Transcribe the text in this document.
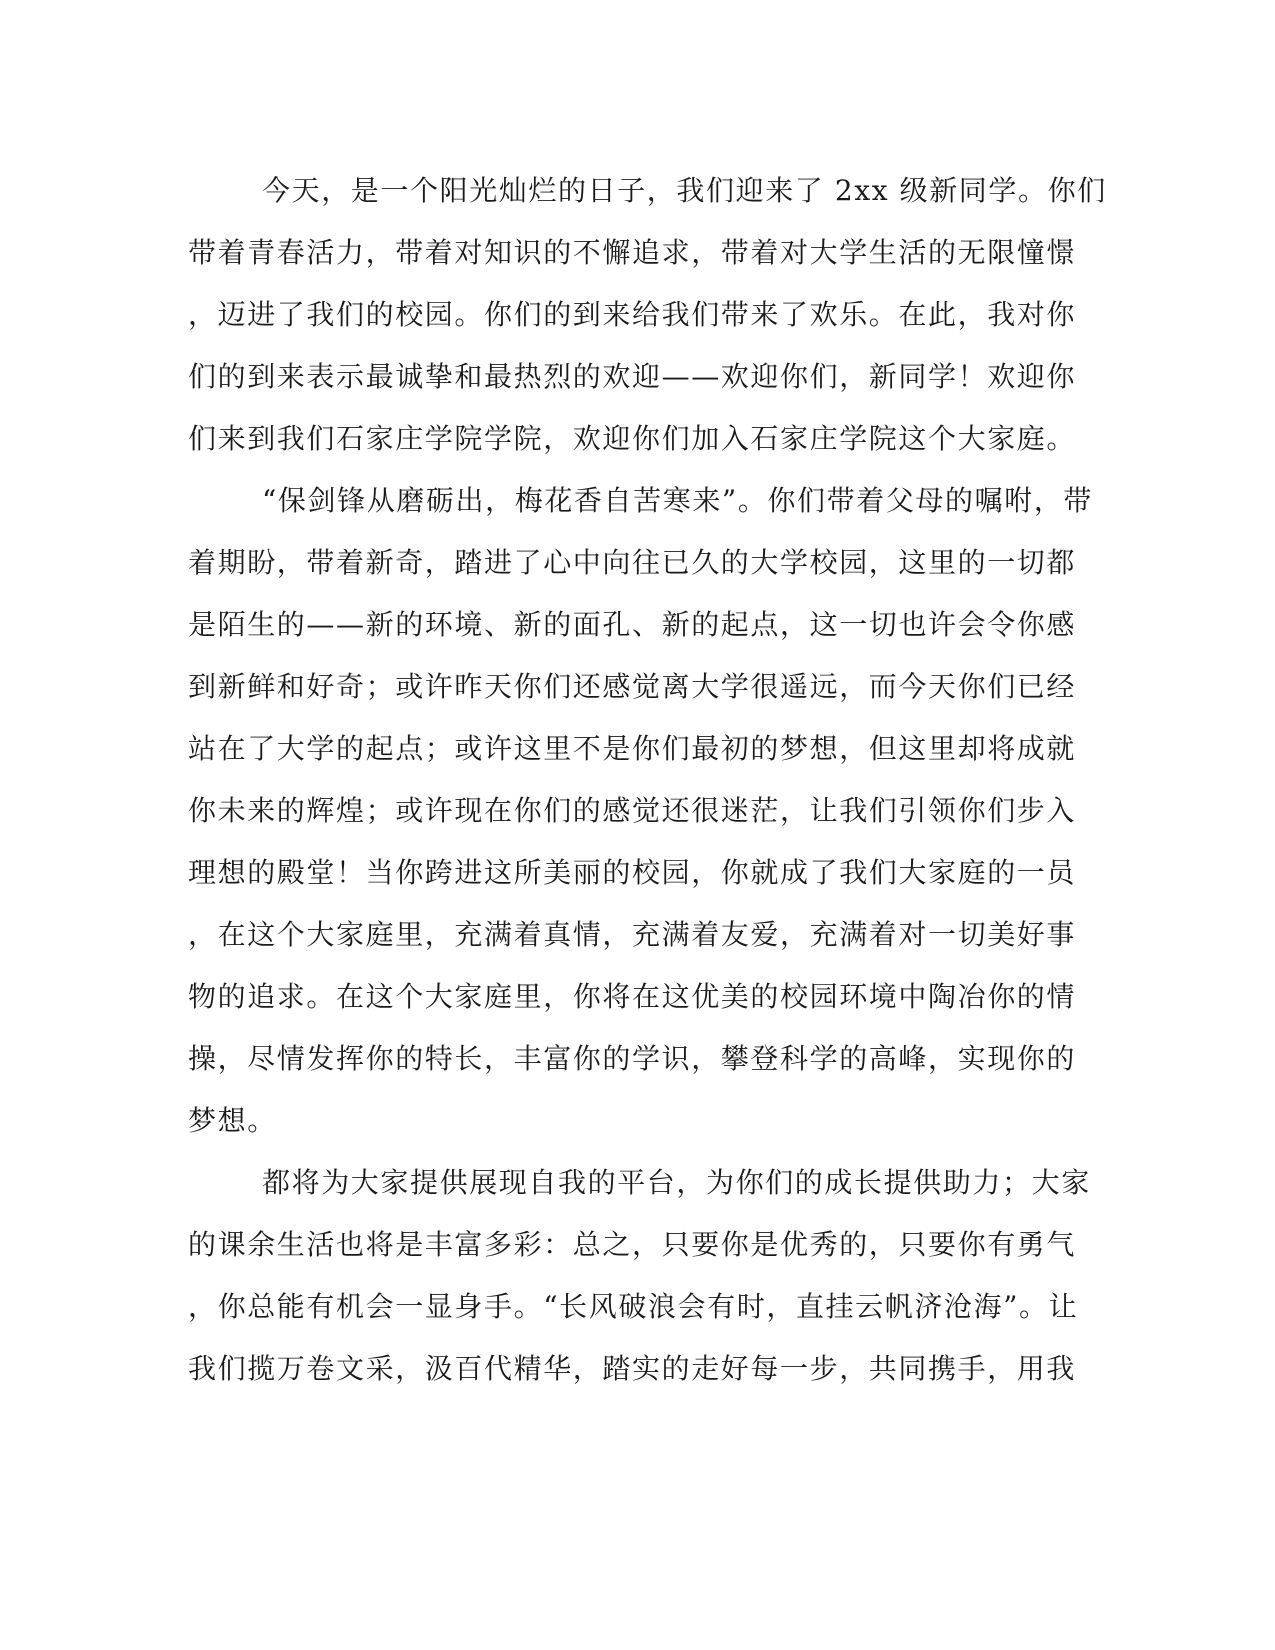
今天，是一个阳光灿烂的日子，我们迎来了 2xx 级新同学。你们
带着青春活力，带着对知识的不懈追求，带着对大学生活的无限憧憬
，迈进了我们的校园。你们的到来给我们带来了欢乐。在此，我对你
们的到来表示最诚挚和最热烈的欢迎——欢迎你们，新同学！欢迎你
们来到我们石家庄学院学院，欢迎你们加入石家庄学院这个大家庭。
“保剑锋从磨砺出，梅花香自苦寒来”。你们带着父母的嘱咐，带
着期盼，带着新奇，踏进了心中向往已久的大学校园，这里的一切都
是陌生的——新的环境、新的面孔、新的起点，这一切也许会令你感
到新鲜和好奇；或许昨天你们还感觉离大学很遥远，而今天你们已经
站在了大学的起点；或许这里不是你们最初的梦想，但这里却将成就
你未来的辉煌；或许现在你们的感觉还很迷茫，让我们引领你们步入
理想的殿堂！当你跨进这所美丽的校园，你就成了我们大家庭的一员
，在这个大家庭里，充满着真情，充满着友爱，充满着对一切美好事
物的追求。在这个大家庭里，你将在这优美的校园环境中陶冶你的情
操，尽情发挥你的特长，丰富你的学识，攀登科学的高峰，实现你的
梦想。
都将为大家提供展现自我的平台，为你们的成长提供助力；大家
的课余生活也将是丰富多彩：总之，只要你是优秀的，只要你有勇气
，你总能有机会一显身手。“长风破浪会有时，直挂云帆济沧海”。让
我们揽万卷文采，汲百代精华，踏实的走好每一步，共同携手，用我
